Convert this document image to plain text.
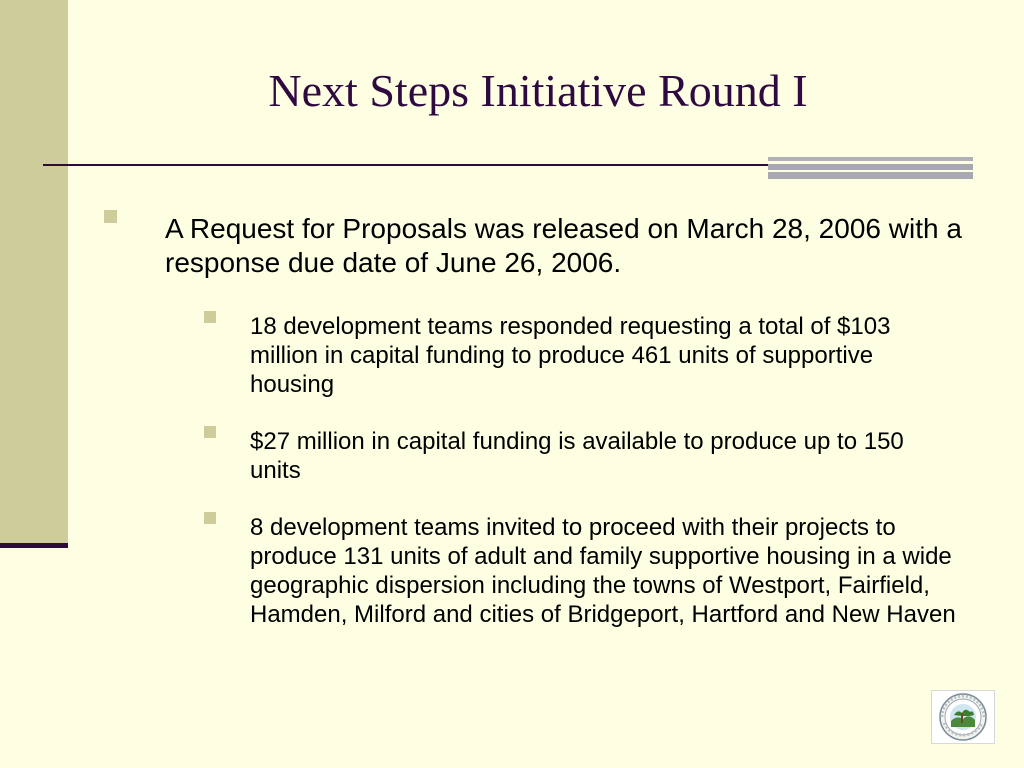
Next Steps Initiative Round I
A Request for Proposals was released on March 28, 2006 with a response due date of June 26, 2006.
18 development teams responded requesting a total of $103 million in capital funding to produce 461 units of supportive housing
$27 million in capital funding is available to produce up to 150 units
8 development teams invited to proceed with their projects to produce 131 units of adult and family supportive housing in a wide geographic dispersion including the towns of Westport, Fairfield, Hamden, Milford and cities of Bridgeport, Hartford and New Haven
